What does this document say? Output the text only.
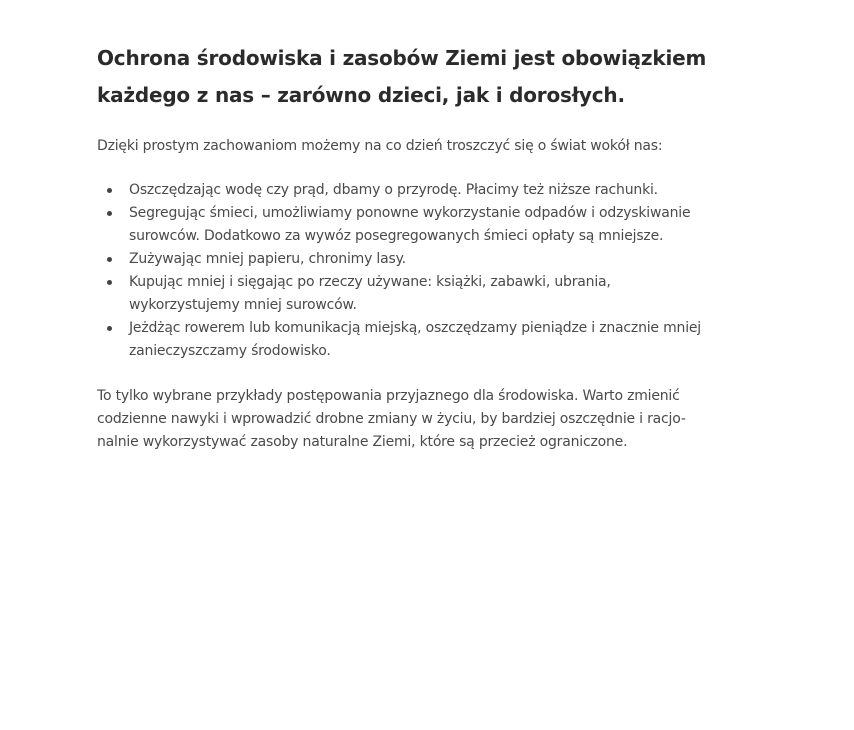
Ochrona środowiska i zasobów Ziemi jest obowiązkiem
każdego z nas – zarówno dzieci, jak i dorosłych.

Dzięki prostym zachowaniom możemy na co dzień troszczyć się o świat wokół nas:

Oszczędzając wodę czy prąd, dbamy o przyrodę. Płacimy też niższe rachunki.
Segregując śmieci, umożliwiamy ponowne wykorzystanie odpadów i odzyskiwanie
surowców. Dodatkowo za wywóz posegregowanych śmieci opłaty są mniejsze.
Zużywając mniej papieru, chronimy lasy.
Kupując mniej i sięgając po rzeczy używane: książki, zabawki, ubrania,
wykorzystujemy mniej surowców.
Jeżdżąc rowerem lub komunikacją miejską, oszczędzamy pieniądze i znacznie mniej
zanieczyszczamy środowisko.

To tylko wybrane przykłady postępowania przyjaznego dla środowiska. Warto zmienić
codzienne nawyki i wprowadzić drobne zmiany w życiu, by bardziej oszczędnie i racjo-
nalnie wykorzystywać zasoby naturalne Ziemi, które są przecież ograniczone.
